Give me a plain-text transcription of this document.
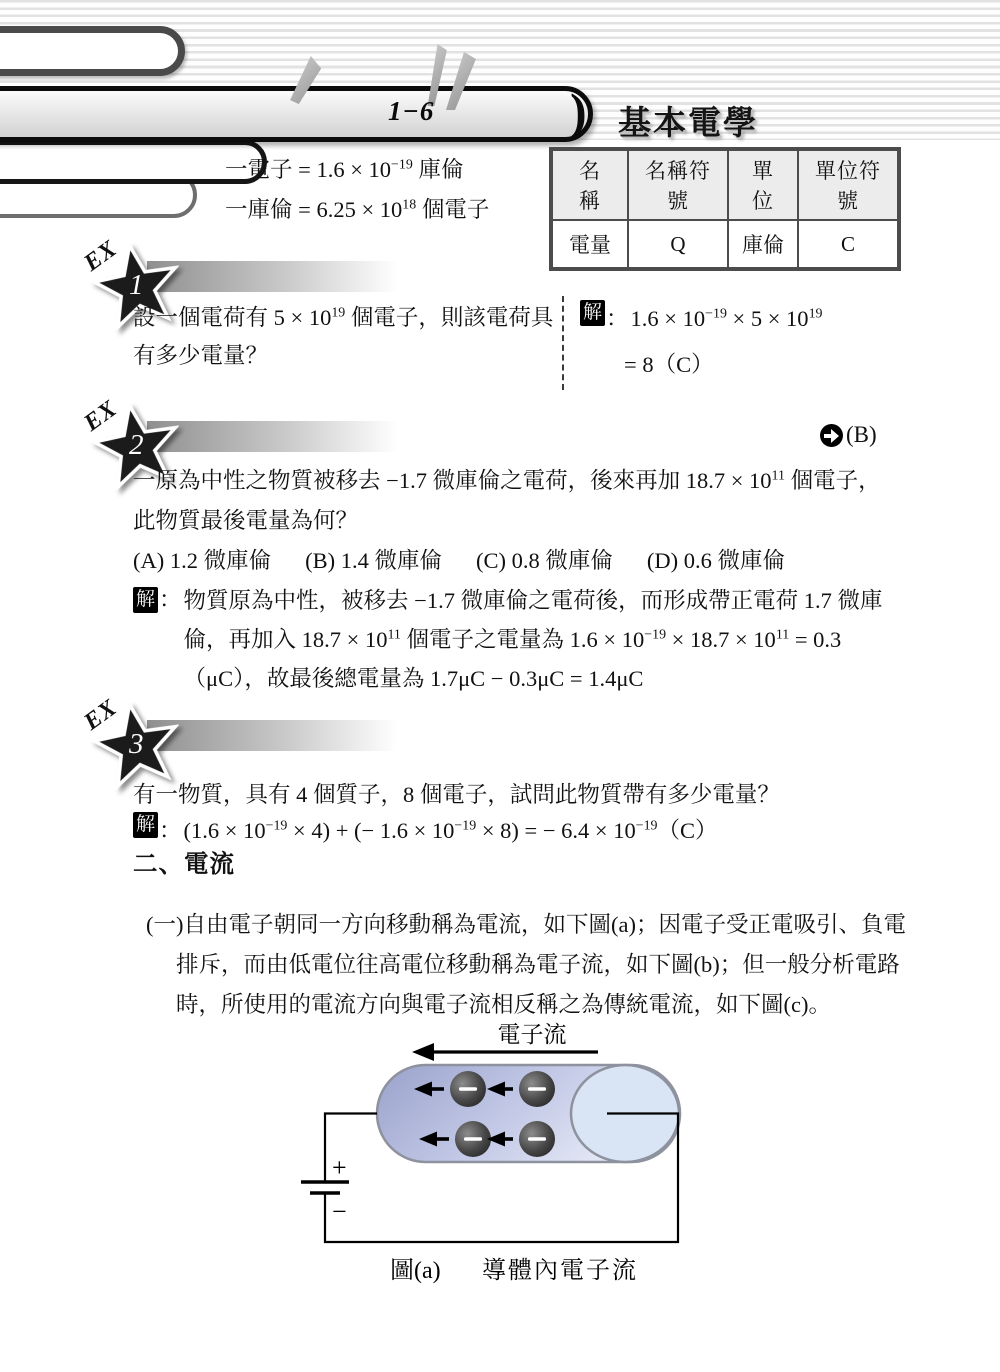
1−6	) 基本電學
一電子 = $1.6 \times 10^{-19}$ 庫倫
一庫倫 = $6.25 \times 10^{18}$ 個電子
名　稱	名稱符號	單　位	單位符號
電量	Q	庫倫	C
EX
1
設一個電荷有 $5 \times 10^{19}$ 個電子，則該電荷具有多少電量？
解 ： $1.6 \times 10^{-19} \times 5 \times 10^{19}$
= 8（C）
EX
2	(B)
一原為中性之物質被移去 −1.7 微庫倫之電荷，後來再加 $18.7 \times 10^{11}$ 個電子，此物質最後電量為何？
(A) 1.2 微庫倫 (B) 1.4 微庫倫 (C) 0.8 微庫倫 (D) 0.6 微庫倫
解 ： 物質原為中性，被移去 −1.7 微庫倫之電荷後，而形成帶正電荷 1.7 微庫倫，再加入 $18.7 \times 10^{11}$ 個電子之電量為 $1.6 \times 10^{-19} \times 18.7 \times 10^{11} = 0.3(\mu C)$，故最後總電量為 1.7μC − 0.3μC = 1.4μC
EX
3
有一物質，具有 4 個質子，8 個電子，試問此物質帶有多少電量？
解 ： $(1.6 \times 10^{-19} \times 4)$ + (− $1.6 \times 10^{-19} \times 8$) = − $6.4 \times 10^{-19}(C)$
二、電流

(一)自由電子朝同一方向移動稱為電流，如下圖(a)；因電子受正電吸引、負電排斥，而由低電位往高電位移動稱為電子流，如下圖(b)；但一般分析電路時，所使用的電流方向與電子流相反稱之為傳統電流，如下圖(c)。

電子流
+
−
圖(a) 導體內電子流
